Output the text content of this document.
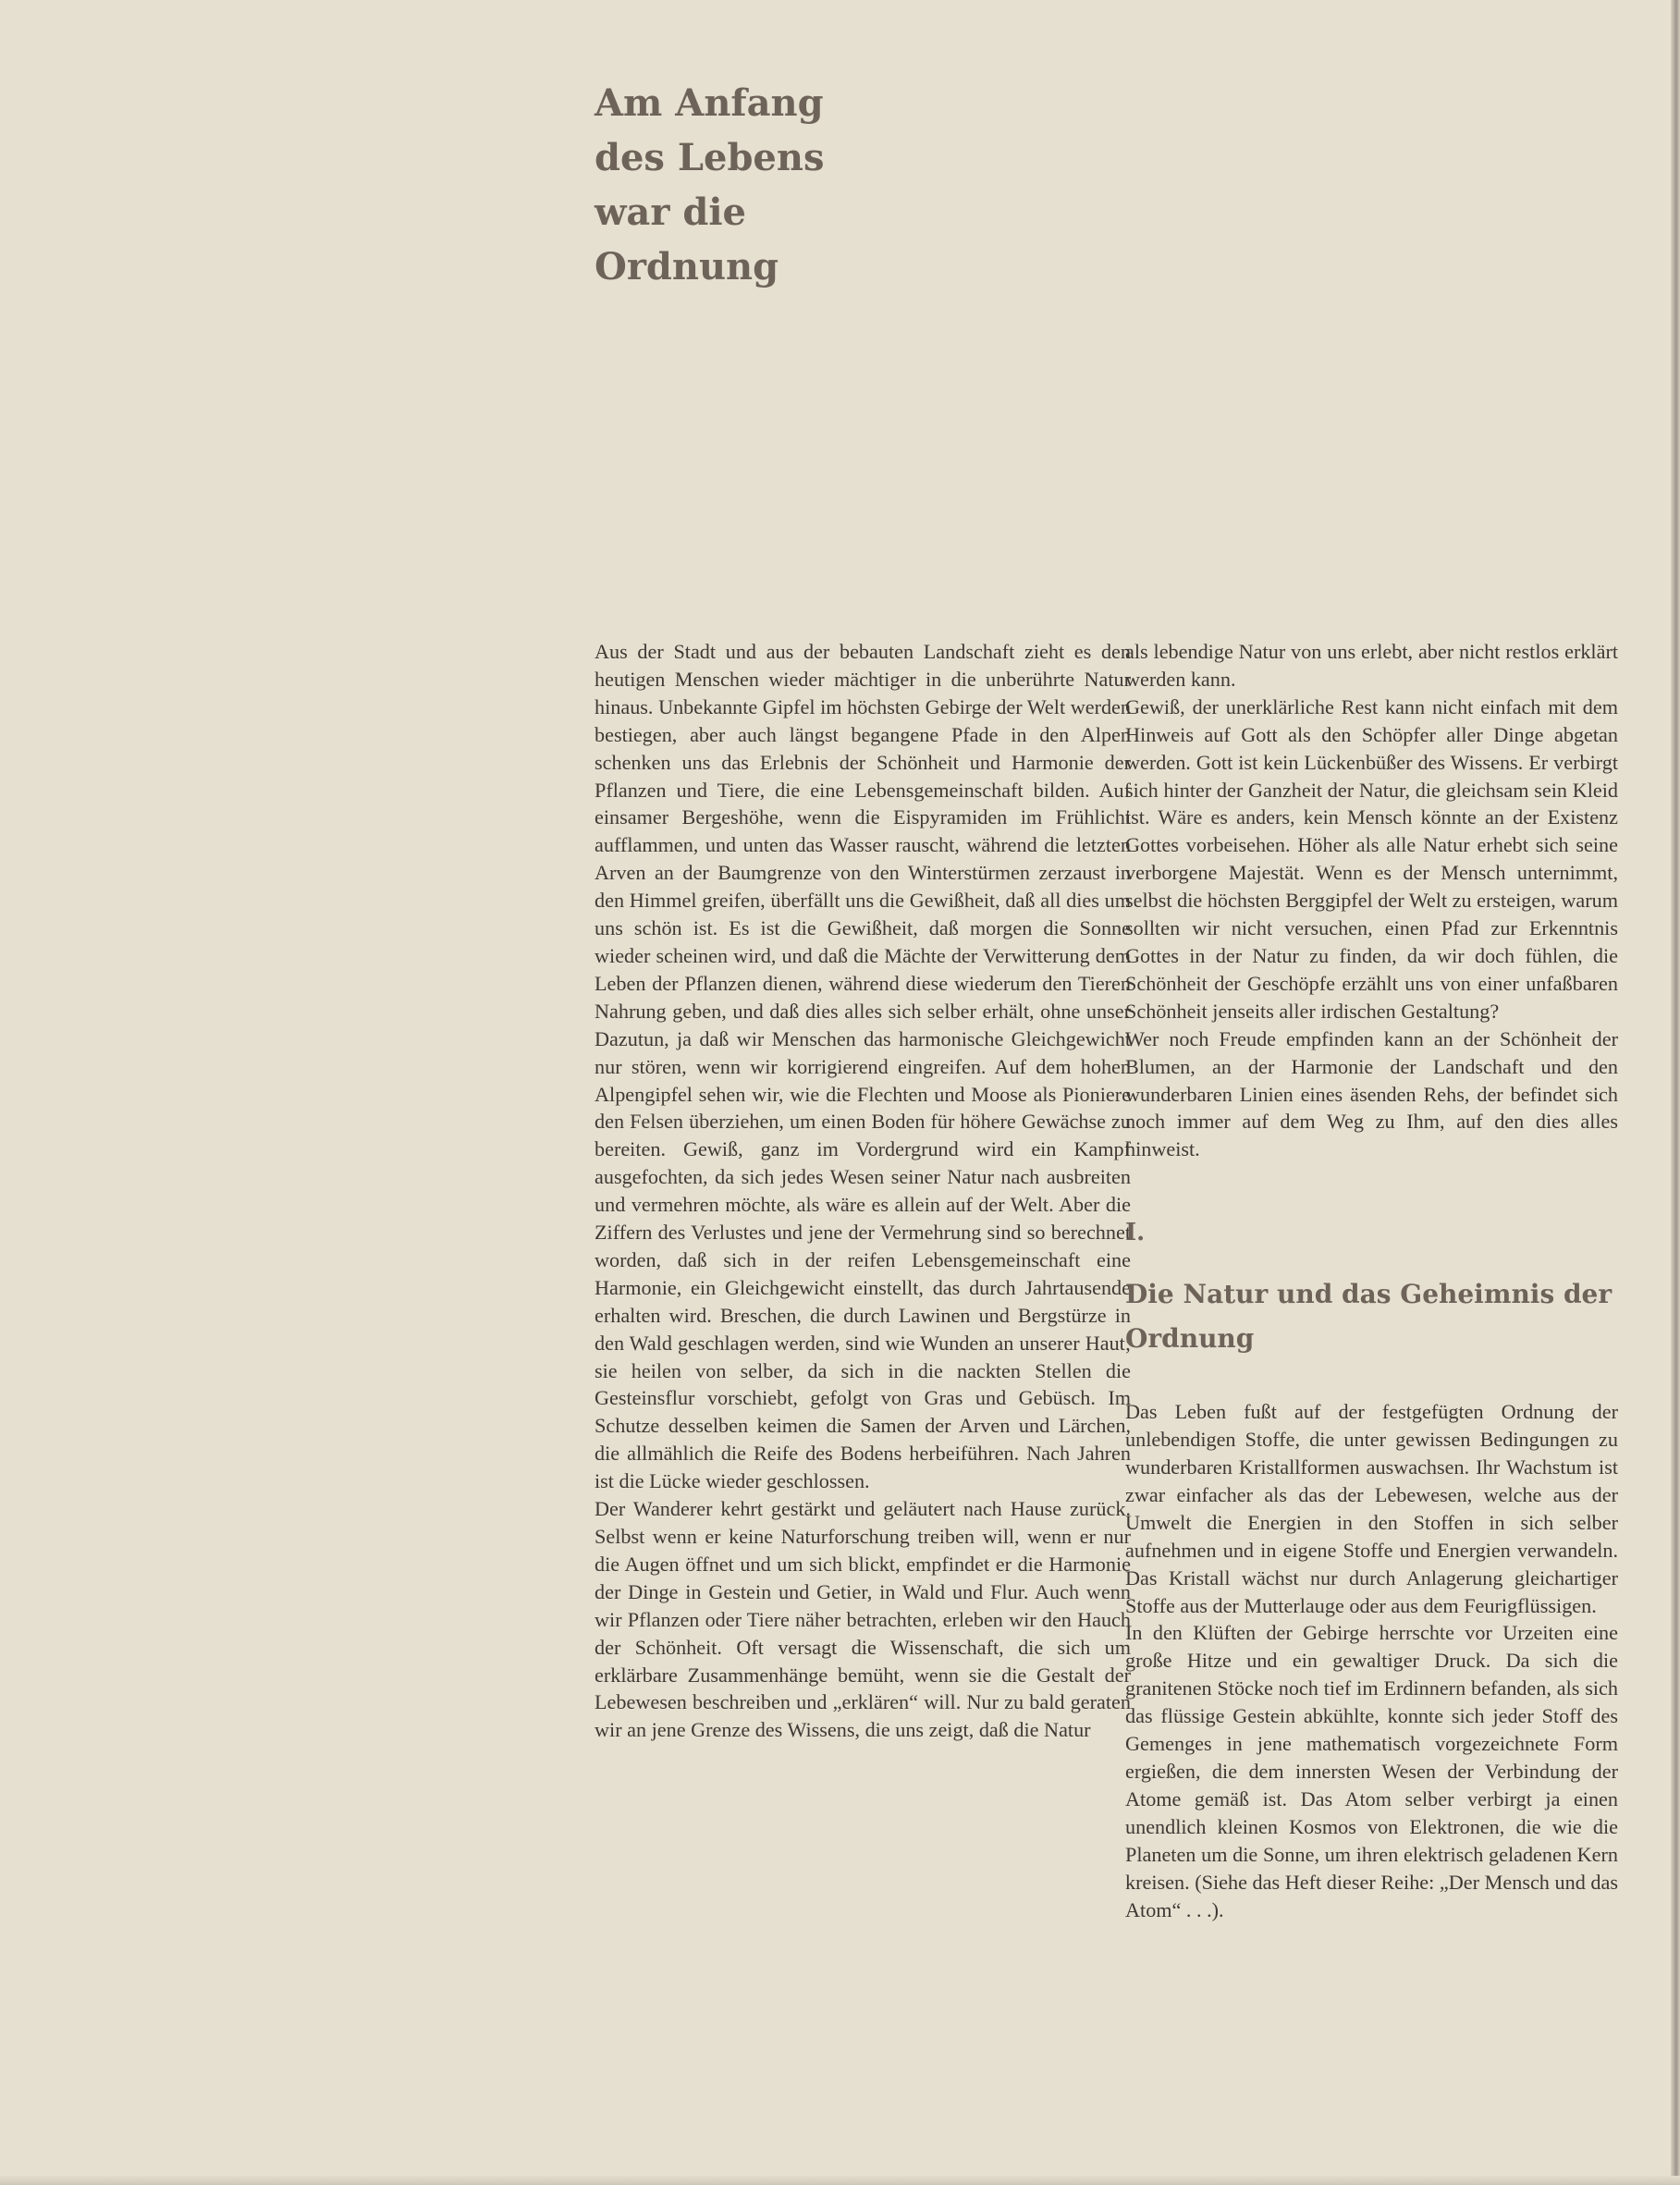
Am Anfang
des Lebens
war die
Ordnung

Aus der Stadt und aus der bebauten Landschaft zieht es den heutigen Menschen wieder mächtiger in die unberührte Natur hinaus. Unbekannte Gipfel im höchsten Gebirge der Welt werden bestiegen, aber auch längst begangene Pfade in den Alpen schenken uns das Erlebnis der Schönheit und Harmonie der Pflanzen und Tiere, die eine Lebensgemeinschaft bilden. Auf einsamer Bergeshöhe, wenn die Eispyramiden im Frühlicht aufflammen, und unten das Wasser rauscht, während die letzten Arven an der Baumgrenze von den Winterstürmen zerzaust in den Himmel greifen, überfällt uns die Gewißheit, daß all dies um uns schön ist. Es ist die Gewißheit, daß morgen die Sonne wieder scheinen wird, und daß die Mächte der Verwitterung dem Leben der Pflanzen dienen, während diese wiederum den Tieren Nahrung geben, und daß dies alles sich selber erhält, ohne unser Dazutun, ja daß wir Menschen das harmonische Gleichgewicht nur stören, wenn wir korrigierend eingreifen. Auf dem hohen Alpengipfel sehen wir, wie die Flechten und Moose als Pioniere den Felsen überziehen, um einen Boden für höhere Gewächse zu bereiten. Gewiß, ganz im Vordergrund wird ein Kampf ausgefochten, da sich jedes Wesen seiner Natur nach ausbreiten und vermehren möchte, als wäre es allein auf der Welt. Aber die Ziffern des Verlustes und jene der Vermehrung sind so berechnet worden, daß sich in der reifen Lebensgemeinschaft eine Harmonie, ein Gleichgewicht einstellt, das durch Jahrtausende erhalten wird. Breschen, die durch Lawinen und Bergstürze in den Wald geschlagen werden, sind wie Wunden an unserer Haut; sie heilen von selber, da sich in die nackten Stellen die Gesteinsflur vorschiebt, gefolgt von Gras und Gebüsch. Im Schutze desselben keimen die Samen der Arven und Lärchen, die allmählich die Reife des Bodens herbeiführen. Nach Jahren ist die Lücke wieder geschlossen.

Der Wanderer kehrt gestärkt und geläutert nach Hause zurück. Selbst wenn er keine Naturforschung treiben will, wenn er nur die Augen öffnet und um sich blickt, empfindet er die Harmonie der Dinge in Gestein und Getier, in Wald und Flur. Auch wenn wir Pflanzen oder Tiere näher betrachten, erleben wir den Hauch der Schönheit. Oft versagt die Wissenschaft, die sich um erklärbare Zusammenhänge bemüht, wenn sie die Gestalt der Lebewesen beschreiben und „erklären“ will. Nur zu bald geraten wir an jene Grenze des Wissens, die uns zeigt, daß die Natur

als lebendige Natur von uns erlebt, aber nicht restlos erklärt werden kann.

Gewiß, der unerklärliche Rest kann nicht einfach mit dem Hinweis auf Gott als den Schöpfer aller Dinge abgetan werden. Gott ist kein Lückenbüßer des Wissens. Er verbirgt sich hinter der Ganzheit der Natur, die gleichsam sein Kleid ist. Wäre es anders, kein Mensch könnte an der Existenz Gottes vorbeisehen. Höher als alle Natur erhebt sich seine verborgene Majestät. Wenn es der Mensch unternimmt, selbst die höchsten Berggipfel der Welt zu ersteigen, warum sollten wir nicht versuchen, einen Pfad zur Erkenntnis Gottes in der Natur zu finden, da wir doch fühlen, die Schönheit der Geschöpfe erzählt uns von einer unfaßbaren Schönheit jenseits aller irdischen Gestaltung?

Wer noch Freude empfinden kann an der Schönheit der Blumen, an der Harmonie der Landschaft und den wunderbaren Linien eines äsenden Rehs, der befindet sich noch immer auf dem Weg zu Ihm, auf den dies alles hinweist.

I.
Die Natur und das Geheimnis der Ordnung

Das Leben fußt auf der festgefügten Ordnung der unlebendigen Stoffe, die unter gewissen Bedingungen zu wunderbaren Kristallformen auswachsen. Ihr Wachstum ist zwar einfacher als das der Lebewesen, welche aus der Umwelt die Energien in den Stoffen in sich selber aufnehmen und in eigene Stoffe und Energien verwandeln. Das Kristall wächst nur durch Anlagerung gleichartiger Stoffe aus der Mutterlauge oder aus dem Feurigflüssigen.

In den Klüften der Gebirge herrschte vor Urzeiten eine große Hitze und ein gewaltiger Druck. Da sich die granitenen Stöcke noch tief im Erdinnern befanden, als sich das flüssige Gestein abkühlte, konnte sich jeder Stoff des Gemenges in jene mathematisch vorgezeichnete Form ergießen, die dem innersten Wesen der Verbindung der Atome gemäß ist. Das Atom selber verbirgt ja einen unendlich kleinen Kosmos von Elektronen, die wie die Planeten um die Sonne, um ihren elektrisch geladenen Kern kreisen. (Siehe das Heft dieser Reihe: „Der Mensch und das Atom“ . . .).
